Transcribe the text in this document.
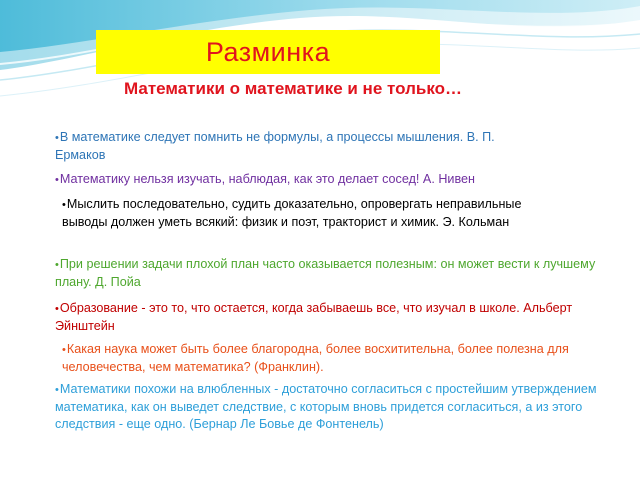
Разминка
Математики о математике и не только…

•В математике следует помнить не формулы, а процессы мышления. В. П. Ермаков

•Математику нельзя изучать, наблюдая, как это делает сосед! А. Нивен

•Мыслить последовательно, судить доказательно, опровергать неправильные выводы должен уметь всякий: физик и поэт, тракторист и химик. Э. Кольман

•При решении задачи плохой план часто оказывается полезным: он может вести к лучшему плану. Д. Пойа

•Образование - это то, что остается, когда забываешь все, что изучал в школе. Альберт Эйнштейн

•Какая наука может быть более благородна, более восхитительна, более полезна для человечества, чем математика? (Франклин).

•Математики похожи на влюбленных - достаточно согласиться с простейшим утверждением математика, как он выведет следствие, с которым вновь придется согласиться, а из этого следствия - еще одно. (Бернар Ле Бовье де Фонтенель)
